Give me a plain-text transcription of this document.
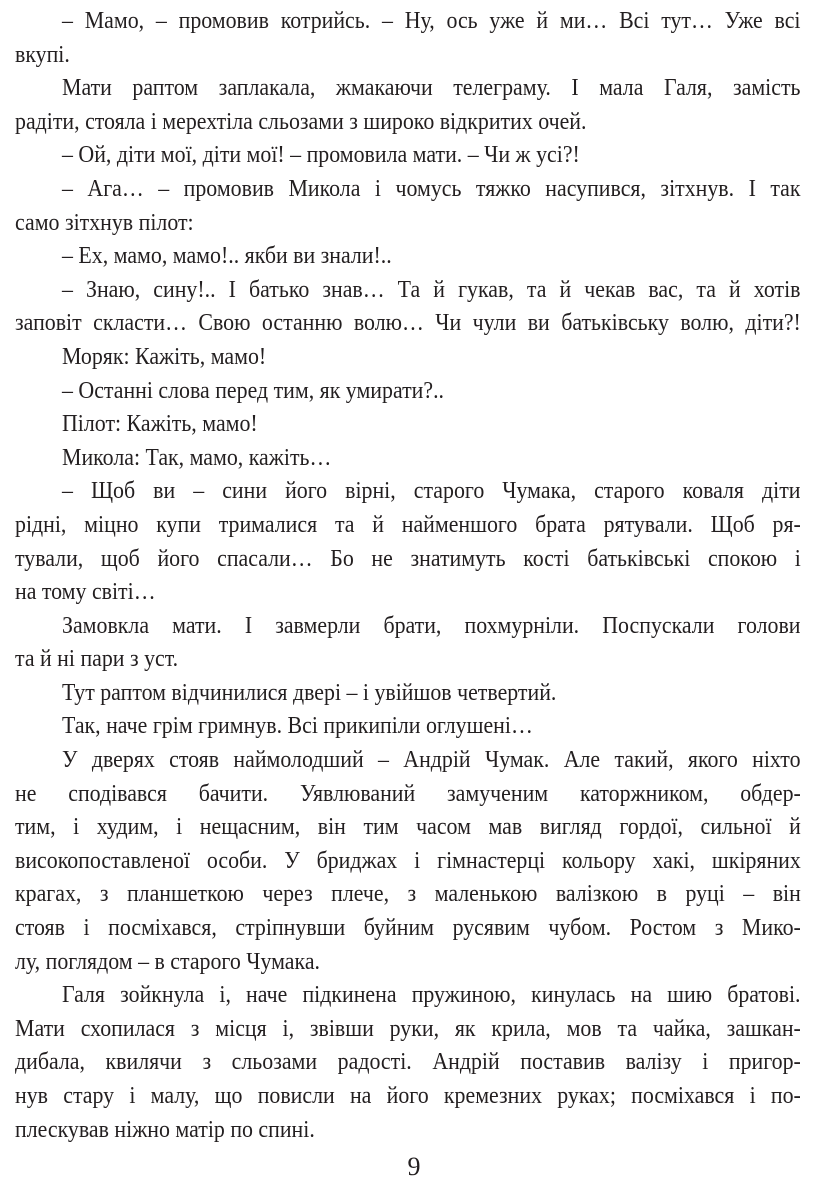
– Мамо, – промовив котрийсь. – Ну, ось уже й ми… Всі тут… Уже всі
вкупі.
Мати раптом заплакала, жмакаючи телеграму. І мала Галя, замість
радіти, стояла і мерехтіла сльозами з широко відкритих очей.
– Ой, діти мої, діти мої! – промовила мати. – Чи ж усі?!
– Ага… – промовив Микола і чомусь тяжко насупився, зітхнув. І так
само зітхнув пілот:
– Ех, мамо, мамо!.. якби ви знали!..
– Знаю, сину!.. І батько знав… Та й гукав, та й чекав вас, та й хотів
заповіт скласти… Свою останню волю… Чи чули ви батьківську волю, діти?!
Моряк: Кажіть, мамо!
– Останні слова перед тим, як умирати?..
Пілот: Кажіть, мамо!
Микола: Так, мамо, кажіть…
– Щоб ви – сини його вірні, старого Чумака, старого коваля діти
рідні, міцно купи трималися та й найменшого брата рятували. Щоб ря-
тували, щоб його спасали… Бо не знатимуть кості батьківські спокою і
на тому світі…
Замовкла мати. І завмерли брати, похмурніли. Поспускали голови
та й ні пари з уст.
Тут раптом відчинилися двері – і увійшов четвертий.
Так, наче грім гримнув. Всі прикипіли оглушені…
У дверях стояв наймолодший – Андрій Чумак. Але такий, якого ніхто
не сподівався бачити. Уявлюваний замученим каторжником, обдер-
тим, і худим, і нещасним, він тим часом мав вигляд гордої, сильної й
високопоставленої особи. У бриджах і гімнастерці кольору хакі, шкіряних
крагах, з планшеткою через плече, з маленькою валізкою в руці – він
стояв і посміхався, стріпнувши буйним русявим чубом. Ростом з Мико-
лу, поглядом – в старого Чумака.
Галя зойкнула і, наче підкинена пружиною, кинулась на шию братові.
Мати схопилася з місця і, звівши руки, як крила, мов та чайка, зашкан-
дибала, квилячи з сльозами радості. Андрій поставив валізу і пригор-
нув стару і малу, що повисли на його кремезних руках; посміхався і по-
плескував ніжно матір по спині.
9
